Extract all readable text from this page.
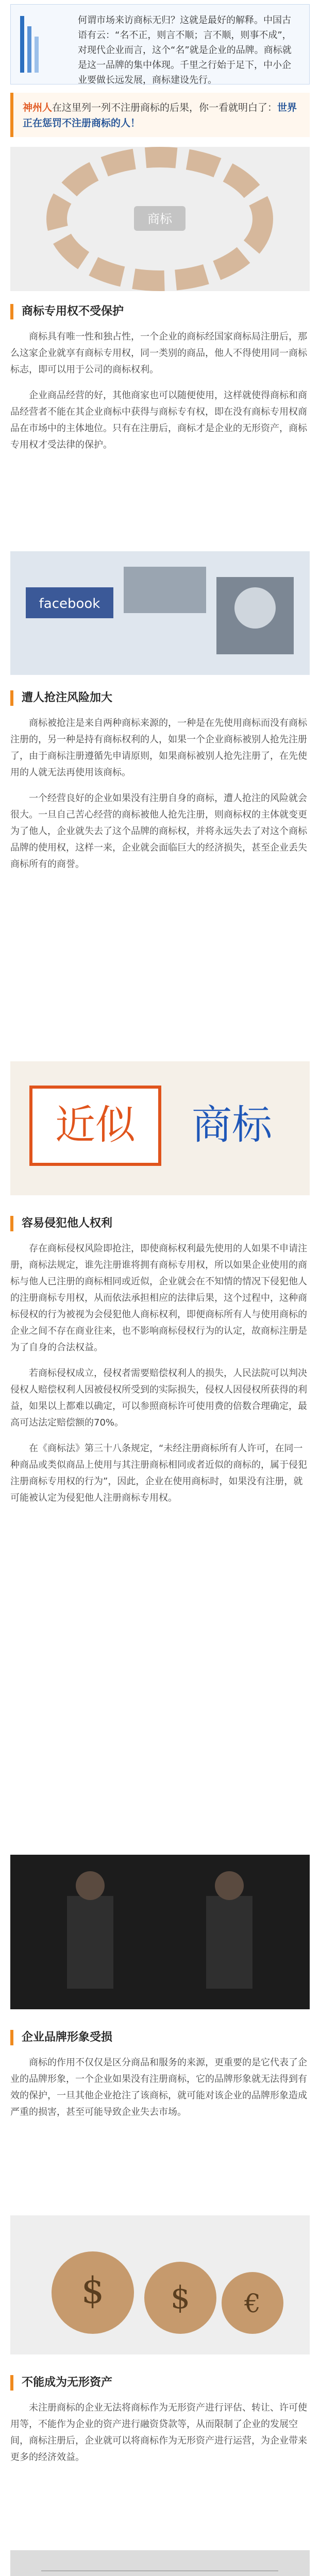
何谓市场来访商标无归？这就是最好的解释。中国古语有云：“名不正，则言不顺；言不顺，则事不成”，对现代企业而言，这个“名”就是企业的品牌。商标就是这一品牌的集中体现。千里之行始于足下，中小企业要做长远发展，商标建设先行。
神州人在这里列一列不注册商标的后果，你一看就明白了：世界正在惩罚不注册商标的人！
商标
商标专用权不受保护

商标具有唯一性和独占性，一个企业的商标经国家商标局注册后，那么这家企业就享有商标专用权，同一类别的商品，他人不得使用同一商标标志，即可以用于公司的商标权利。

企业商品经营的好，其他商家也可以随便使用，这样就使得商标和商品经营者不能在其企业商标中获得与商标专有权，即在没有商标专用权商品在市场中的主体地位。只有在注册后，商标才是企业的无形资产，商标专用权才受法律的保护。

facebook
遭人抢注风险加大

商标被抢注是来自两种商标来源的，一种是在先使用商标而没有商标注册的，另一种是持有商标权利的人，如果一个企业商标被别人抢先注册了，由于商标注册遵循先申请原则，如果商标被别人抢先注册了，在先使用的人就无法再使用该商标。

一个经营良好的企业如果没有注册自身的商标，遭人抢注的风险就会很大。一旦自己苦心经营的商标被他人抢先注册，则商标权的主体就变更为了他人，企业就失去了这个品牌的商标权，并将永远失去了对这个商标品牌的使用权，这样一来，企业就会面临巨大的经济损失，甚至企业丢失商标所有的商誉。

近似 商标
容易侵犯他人权利

存在商标侵权风险即抢注，即使商标权利最先使用的人如果不申请注册，商标法规定，谁先注册谁将拥有商标专用权，所以如果企业使用的商标与他人已注册的商标相同或近似，企业就会在不知情的情况下侵犯他人的注册商标专用权，从而依法承担相应的法律后果，这个过程中，这种商标侵权的行为被视为会侵犯他人商标权利，即便商标所有人与使用商标的企业之间不存在商业往来，也不影响商标侵权行为的认定，故商标注册是为了自身的合法权益。

若商标侵权成立，侵权者需要赔偿权利人的损失，人民法院可以判决侵权人赔偿权利人因被侵权所受到的实际损失，侵权人因侵权所获得的利益，如果以上都难以确定，可以参照商标许可使用费的倍数合理确定，最高可达法定赔偿额的70%。

在《商标法》第三十八条规定，“未经注册商标所有人许可，在同一种商品或类似商品上使用与其注册商标相同或者近似的商标的，属于侵犯注册商标专用权的行为”，因此，企业在使用商标时，如果没有注册，就可能被认定为侵犯他人注册商标专用权。

企业品牌形象受损

商标的作用不仅仅是区分商品和服务的来源，更重要的是它代表了企业的品牌形象，一个企业如果没有注册商标，它的品牌形象就无法得到有效的保护，一旦其他企业抢注了该商标，就可能对该企业的品牌形象造成严重的损害，甚至可能导致企业失去市场。

$ $ €
不能成为无形资产

未注册商标的企业无法将商标作为无形资产进行评估、转让、许可使用等，不能作为企业的资产进行融资贷款等，从而限制了企业的发展空间，商标注册后，企业就可以将商标作为无形资产进行运营，为企业带来更多的经济效益。
